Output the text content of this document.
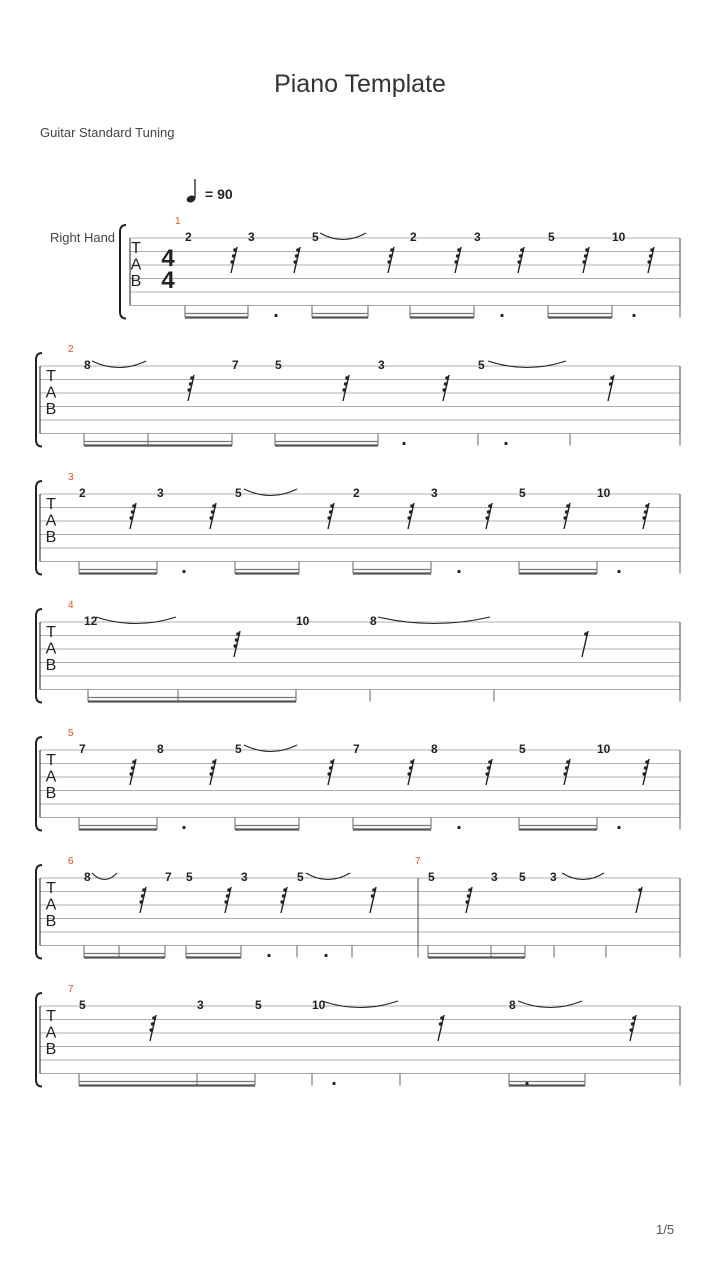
Piano Template
Guitar Standard Tuning
= 90
Right Hand
1/5
T
A
B
4
4
2	3	5	2	3	5	10
1
T
A
B
8	7	5	3	5
2
T
A
B
2	3	5	2	3	5	10
3
T
A
B
12	10	8
4
T
A
B
7	8	5	7	8	5	10
5
T
A
B
8	7 5	3	5	5	3 5 3
6	7
T
A
B
5	3	5	10	8
7
